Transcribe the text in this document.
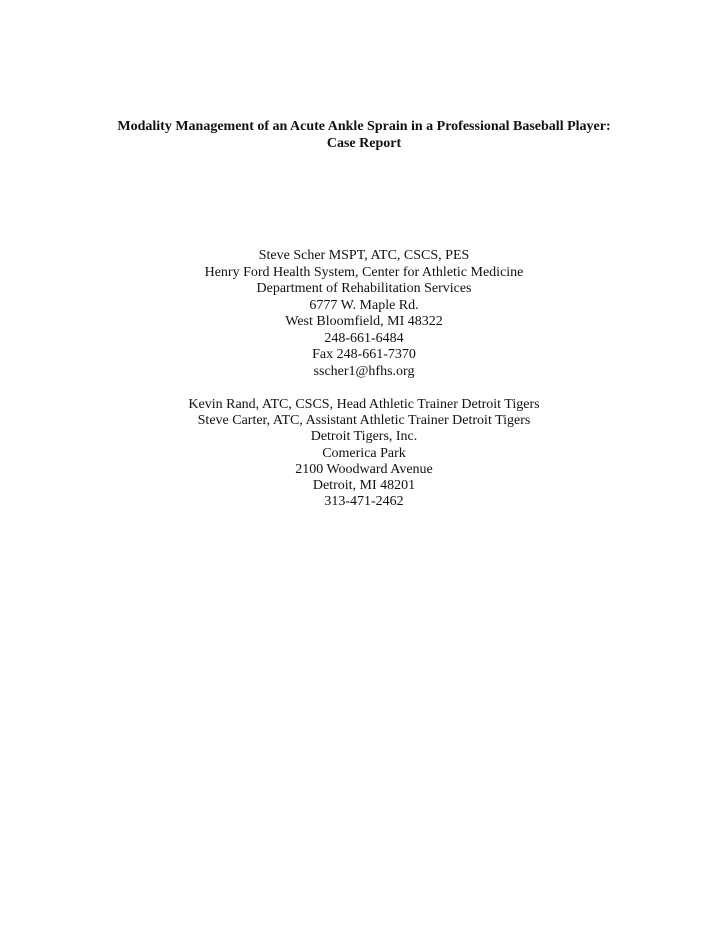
Modality Management of an Acute Ankle Sprain in a Professional Baseball Player:
Case Report
Steve Scher MSPT, ATC, CSCS, PES
Henry Ford Health System, Center for Athletic Medicine
Department of Rehabilitation Services
6777 W. Maple Rd.
West Bloomfield, MI 48322
248-661-6484
Fax 248-661-7370
sscher1@hfhs.org
Kevin Rand, ATC, CSCS, Head Athletic Trainer Detroit Tigers
Steve Carter, ATC, Assistant Athletic Trainer Detroit Tigers
Detroit Tigers, Inc.
Comerica Park
2100 Woodward Avenue
Detroit, MI 48201
313-471-2462
